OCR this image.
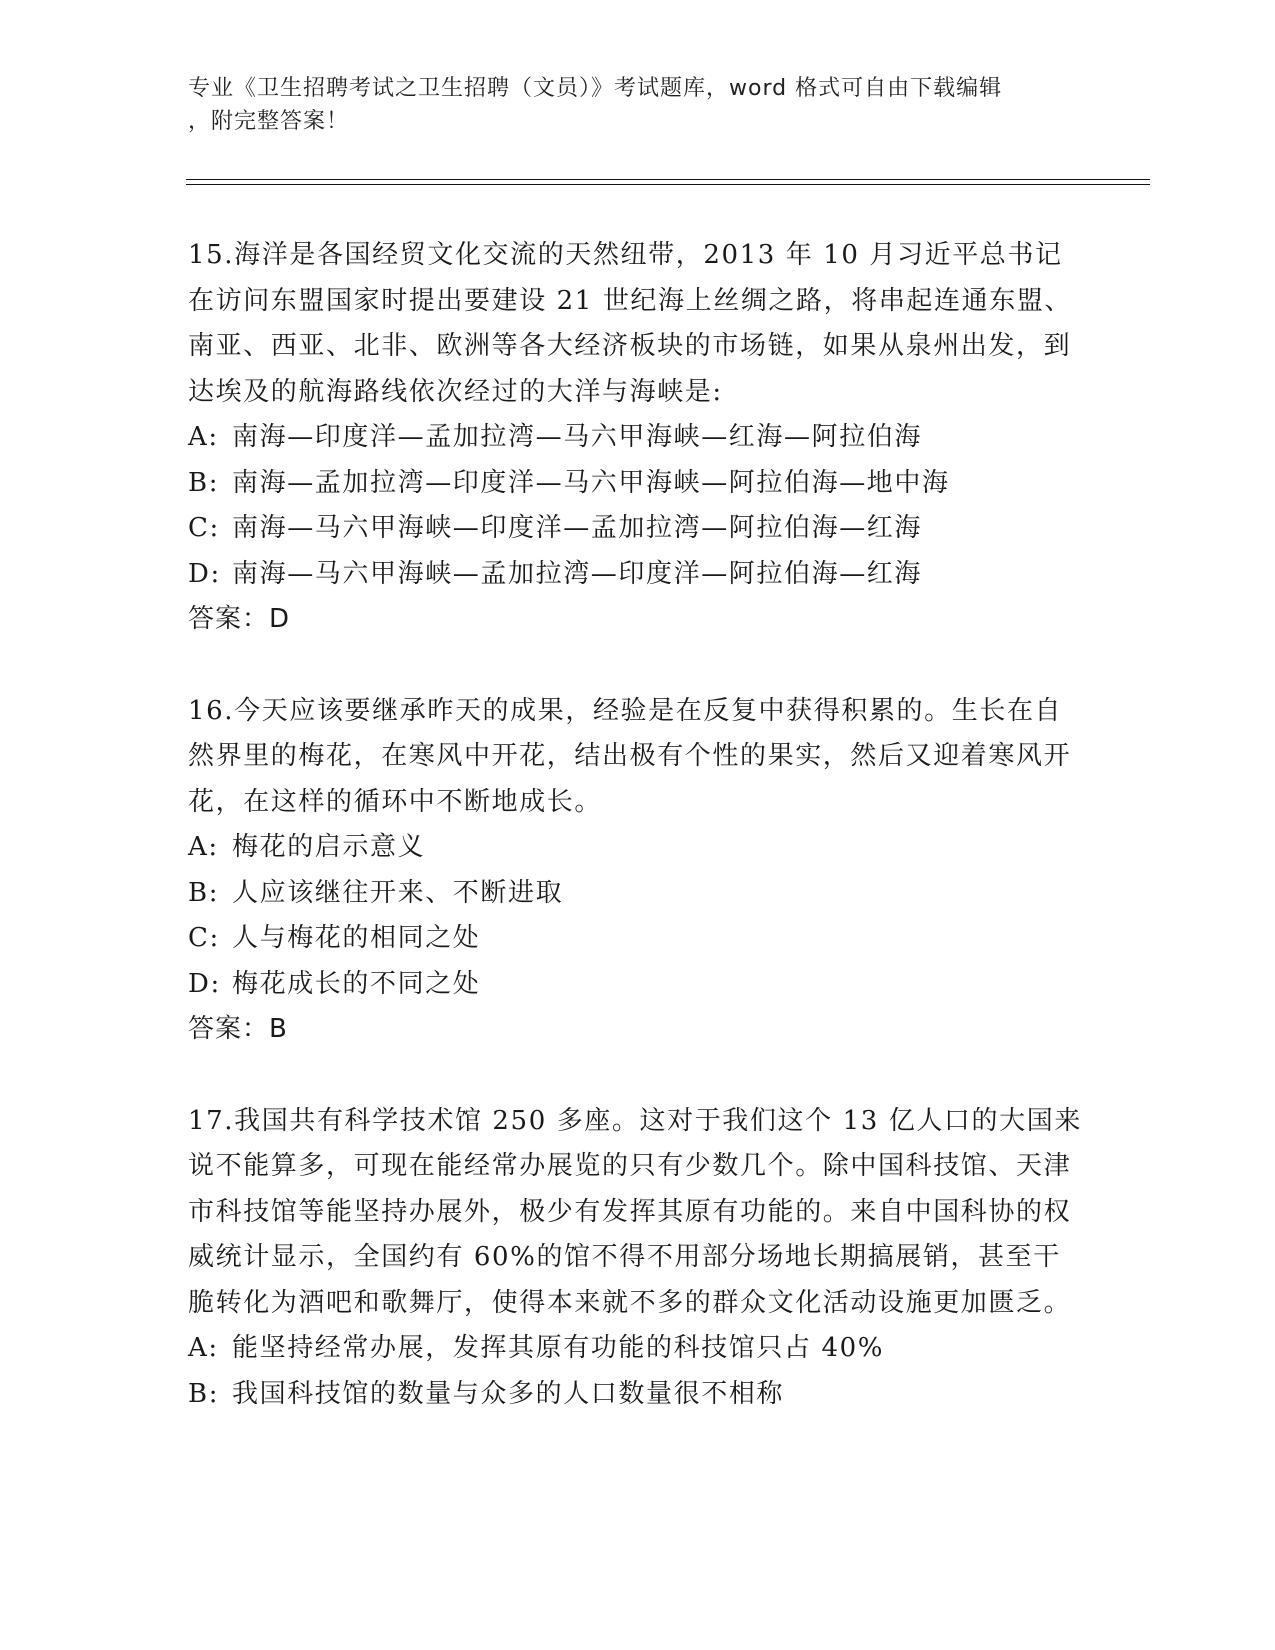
专业《卫生招聘考试之卫生招聘（文员）》考试题库，word 格式可自由下载编辑
，附完整答案！

15.海洋是各国经贸文化交流的天然纽带，2013 年 10 月习近平总书记在访问东盟国家时提出要建设 21 世纪海上丝绸之路，将串起连通东盟、南亚、西亚、北非、欧洲等各大经济板块的市场链，如果从泉州出发，到达埃及的航海路线依次经过的大洋与海峡是:

A: 南海—印度洋—孟加拉湾—马六甲海峡—红海—阿拉伯海

B: 南海—孟加拉湾—印度洋—马六甲海峡—阿拉伯海—地中海

C: 南海—马六甲海峡—印度洋—孟加拉湾—阿拉伯海—红海

D: 南海—马六甲海峡—孟加拉湾—印度洋—阿拉伯海—红海

答案：D

16.今天应该要继承昨天的成果，经验是在反复中获得积累的。生长在自然界里的梅花，在寒风中开花，结出极有个性的果实，然后又迎着寒风开花，在这样的循环中不断地成长。

A: 梅花的启示意义

B: 人应该继往开来、不断进取

C: 人与梅花的相同之处

D: 梅花成长的不同之处

答案：B

17.我国共有科学技术馆 250 多座。这对于我们这个 13 亿人口的大国来说不能算多，可现在能经常办展览的只有少数几个。除中国科技馆、天津市科技馆等能坚持办展外，极少有发挥其原有功能的。来自中国科协的权威统计显示，全国约有 60%的馆不得不用部分场地长期搞展销，甚至干脆转化为酒吧和歌舞厅，使得本来就不多的群众文化活动设施更加匮乏。

A: 能坚持经常办展，发挥其原有功能的科技馆只占 40%

B: 我国科技馆的数量与众多的人口数量很不相称
